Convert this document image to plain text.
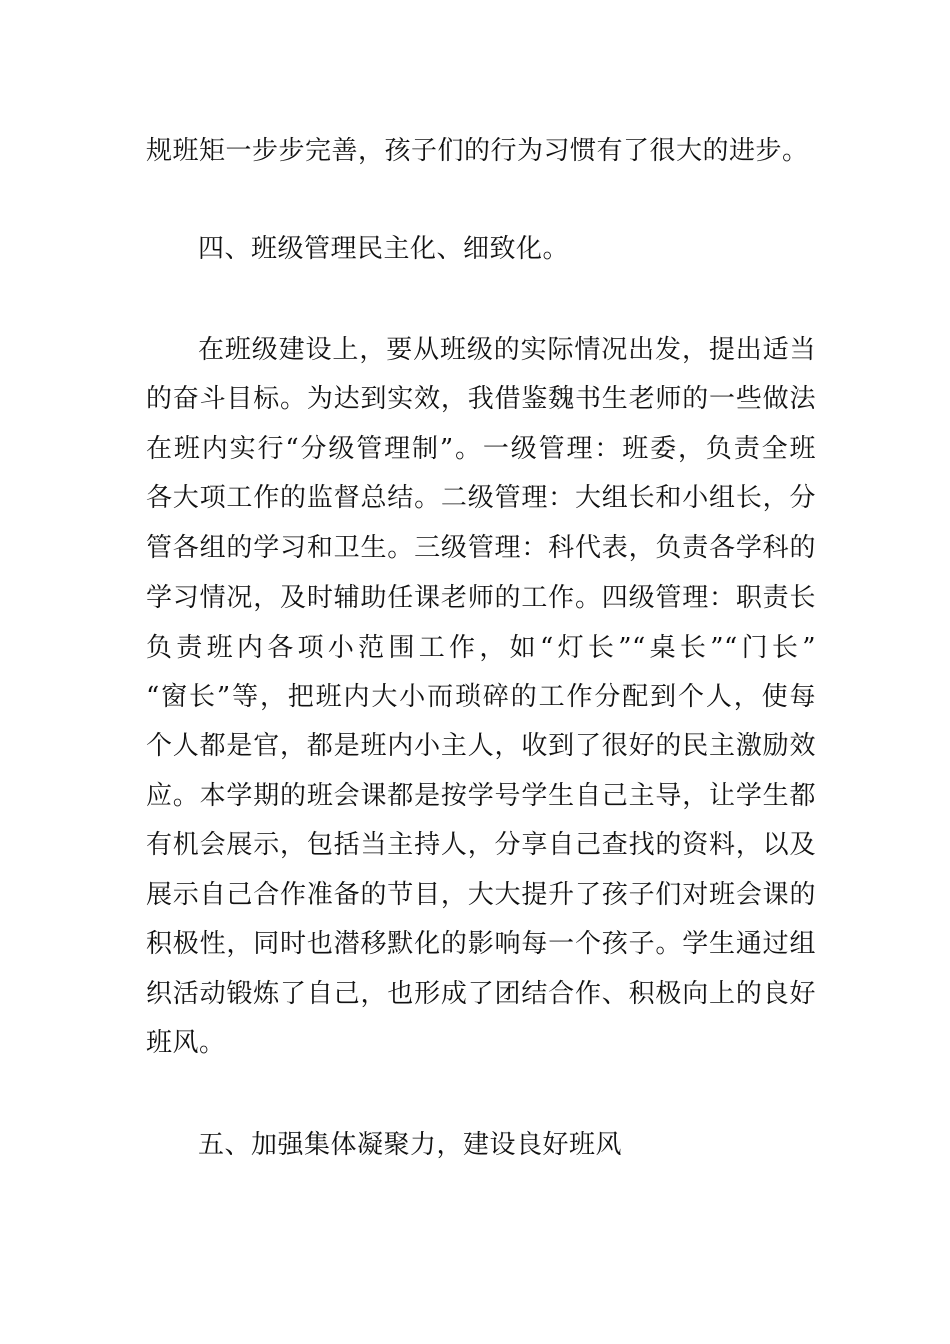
规班矩一步步完善，孩子们的行为习惯有了很大的进步。
四、班级管理民主化、细致化。
在班级建设上，要从班级的实际情况出发，提出适当
的奋斗目标。为达到实效，我借鉴魏书生老师的一些做法
在班内实行“分级管理制”。一级管理：班委，负责全班
各大项工作的监督总结。二级管理：大组长和小组长，分
管各组的学习和卫生。三级管理：科代表，负责各学科的
学习情况，及时辅助任课老师的工作。四级管理：职责长
负责班内各项小范围工作，如“灯长”“桌长”“门长”
“窗长”等，把班内大小而琐碎的工作分配到个人，使每
个人都是官，都是班内小主人，收到了很好的民主激励效
应。本学期的班会课都是按学号学生自己主导，让学生都
有机会展示，包括当主持人，分享自己查找的资料，以及
展示自己合作准备的节目，大大提升了孩子们对班会课的
积极性，同时也潜移默化的影响每一个孩子。学生通过组
织活动锻炼了自己，也形成了团结合作、积极向上的良好
班风。
五、加强集体凝聚力，建设良好班风
